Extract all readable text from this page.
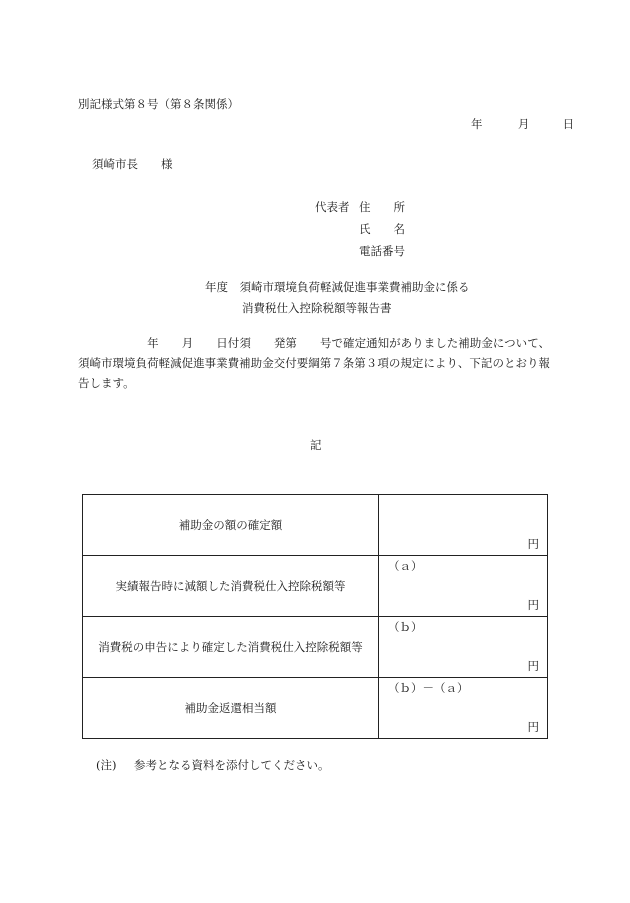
別記様式第８号（第８条関係）
年	月	日
須崎市長　　様
代表者 住　　所
氏　　名
電話番号
年度　須崎市環境負荷軽減促進事業費補助金に係る
消費税仕入控除税額等報告書
　　　　　　年　　月　　日付須　　発第　　号で確定通知がありました補助金について、須崎市環境負荷軽減促進事業費補助金交付要綱第７条第３項の規定により、下記のとおり報告します。
記
補助金の額の確定額	円

実績報告時に減額した消費税仕入控除税額等	（ａ）
円

消費税の申告により確定した消費税仕入控除税額等	（ｂ）
円

補助金返還相当額	（ｂ）－（ａ）
円
(注) 参考となる資料を添付してください。
